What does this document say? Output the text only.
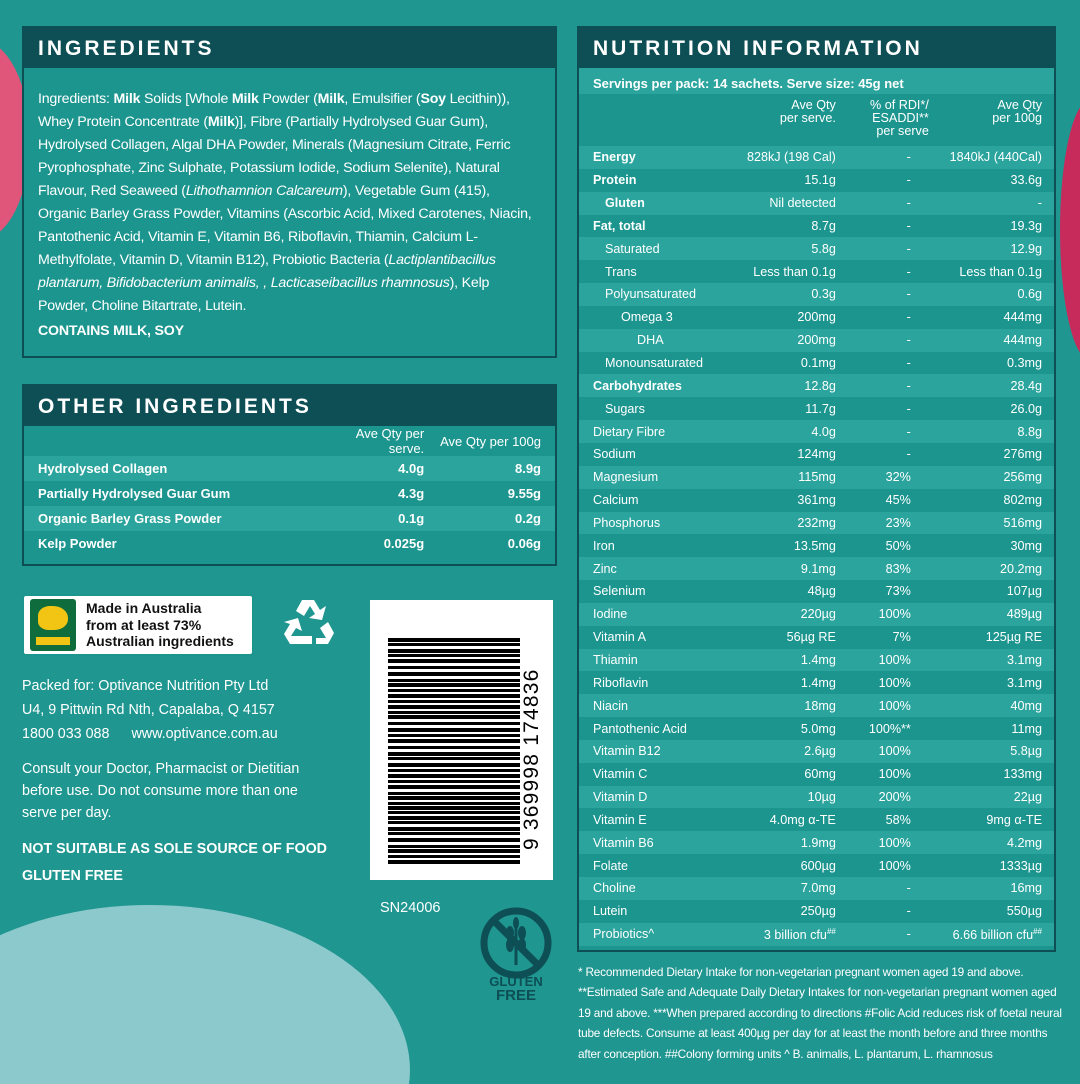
INGREDIENTS

Ingredients: Milk Solids [Whole Milk Powder (Milk, Emulsifier (Soy Lecithin)), Whey Protein Concentrate (Milk)], Fibre (Partially Hydrolysed Guar Gum), Hydrolysed Collagen, Algal DHA Powder, Minerals (Magnesium Citrate, Ferric Pyrophosphate, Zinc Sulphate, Potassium Iodide, Sodium Selenite), Natural Flavour, Red Seaweed (Lithothamnion Calcareum), Vegetable Gum (415), Organic Barley Grass Powder, Vitamins (Ascorbic Acid, Mixed Carotenes, Niacin, Pantothenic Acid, Vitamin E, Vitamin B6, Riboflavin, Thiamin, Calcium L-Methylfolate, Vitamin D, Vitamin B12), Probiotic Bacteria (Lactiplantibacillus plantarum, Bifidobacterium animalis, , Lacticaseibacillus rhamnosus), Kelp Powder, Choline Bitartrate, Lutein.

CONTAINS MILK, SOY

OTHER INGREDIENTS
	Ave Qty per serve.	Ave Qty per 100g
Hydrolysed Collagen	4.0g	8.9g
Partially Hydrolysed Guar Gum	4.3g	9.55g
Organic Barley Grass Powder	0.1g	0.2g
Kelp Powder	0.025g	0.06g
NUTRITION INFORMATION
Servings per pack: 14 sachets. Serve size: 45g net
	Ave Qty
per serve.	% of RDI*/
ESADDI**
per serve	Ave Qty
per 100g
Energy	828kJ (198 Cal)	-	1840kJ (440Cal)
Protein	15.1g	-	33.6g
Gluten	Nil detected	-	-
Fat, total	8.7g	-	19.3g
Saturated	5.8g	-	12.9g
Trans	Less than 0.1g	-	Less than 0.1g
Polyunsaturated	0.3g	-	0.6g
Omega 3	200mg	-	444mg
DHA	200mg	-	444mg
Monounsaturated	0.1mg	-	0.3mg
Carbohydrates	12.8g	-	28.4g
Sugars	11.7g	-	26.0g
Dietary Fibre	4.0g	-	8.8g
Sodium	124mg	-	276mg
Magnesium	115mg	32%	256mg
Calcium	361mg	45%	802mg
Phosphorus	232mg	23%	516mg
Iron	13.5mg	50%	30mg
Zinc	9.1mg	83%	20.2mg
Selenium	48µg	73%	107µg
Iodine	220µg	100%	489µg
Vitamin A	56µg RE	7%	125µg RE
Thiamin	1.4mg	100%	3.1mg
Riboflavin	1.4mg	100%	3.1mg
Niacin	18mg	100%	40mg
Pantothenic Acid	5.0mg	100%**	11mg
Vitamin B12	2.6µg	100%	5.8µg
Vitamin C	60mg	100%	133mg
Vitamin D	10µg	200%	22µg
Vitamin E	4.0mg α-TE	58%	9mg α-TE
Vitamin B6	1.9mg	100%	4.2mg
Folate	600µg	100%	1333µg
Choline	7.0mg	-	16mg
Lutein	250µg	-	550µg
Probiotics^	3 billion cfu##	-	6.66 billion cfu##
* Recommended Dietary Intake for non-vegetarian pregnant women aged 19 and above. **Estimated Safe and Adequate Daily Dietary Intakes for non-vegetarian pregnant women aged 19 and above. ***When prepared according to directions #Folic Acid reduces risk of foetal neural tube defects. Consume at least 400µg per day for at least the month before and three months after conception. ##Colony forming units ^ B. animalis, L. plantarum, L. rhamnosus
Made in Australia
from at least 73%
Australian ingredients
Packed for: Optivance Nutrition Pty Ltd
U4, 9 Pittwin Rd Nth, Capalaba, Q 4157
1800 033 088 www.optivance.com.au
Consult your Doctor, Pharmacist or Dietitian before use. Do not consume more than one serve per day.
NOT SUITABLE AS SOLE SOURCE OF FOOD
GLUTEN FREE
9 369998 174836
SN24006
GLUTEN
FREE
